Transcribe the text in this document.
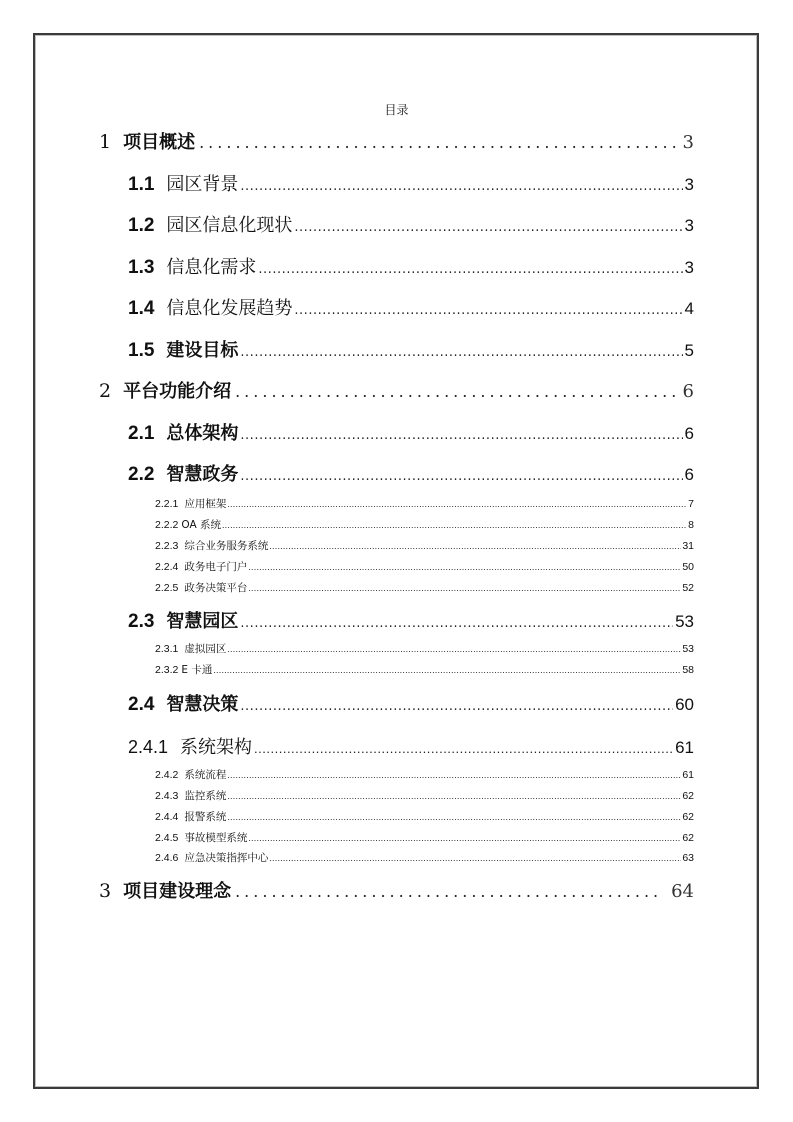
目录
1 项目概述 .....	3
1.1 园区背景 .....	3
1.2 园区信息化现状 .....	3
1.3 信息化需求 .....	3
1.4 信息化发展趋势 .....	4
1.5 建设目标 .....	5
2 平台功能介绍 .....	6
2.1 总体架构 .....	6
2.2 智慧政务 .....	6
2.2.1 应用框架 .....	7
2.2.2 OA 系统 .....	8
2.2.3 综合业务服务系统 .....	31
2.2.4 政务电子门户 .....	50
2.2.5 政务决策平台 .....	52
2.3 智慧园区 .....	53
2.3.1 虚拟园区 .....	53
2.3.2 E 卡通 .....	58
2.4 智慧决策 .....	60
2.4.1 系统架构 .....	61
2.4.2 系统流程 .....	61
2.4.3 监控系统 .....	62
2.4.4 报警系统 .....	62
2.4.5 事故模型系统 .....	62
2.4.6 应急决策指挥中心 .....	63
3 项目建设理念 .....	64
